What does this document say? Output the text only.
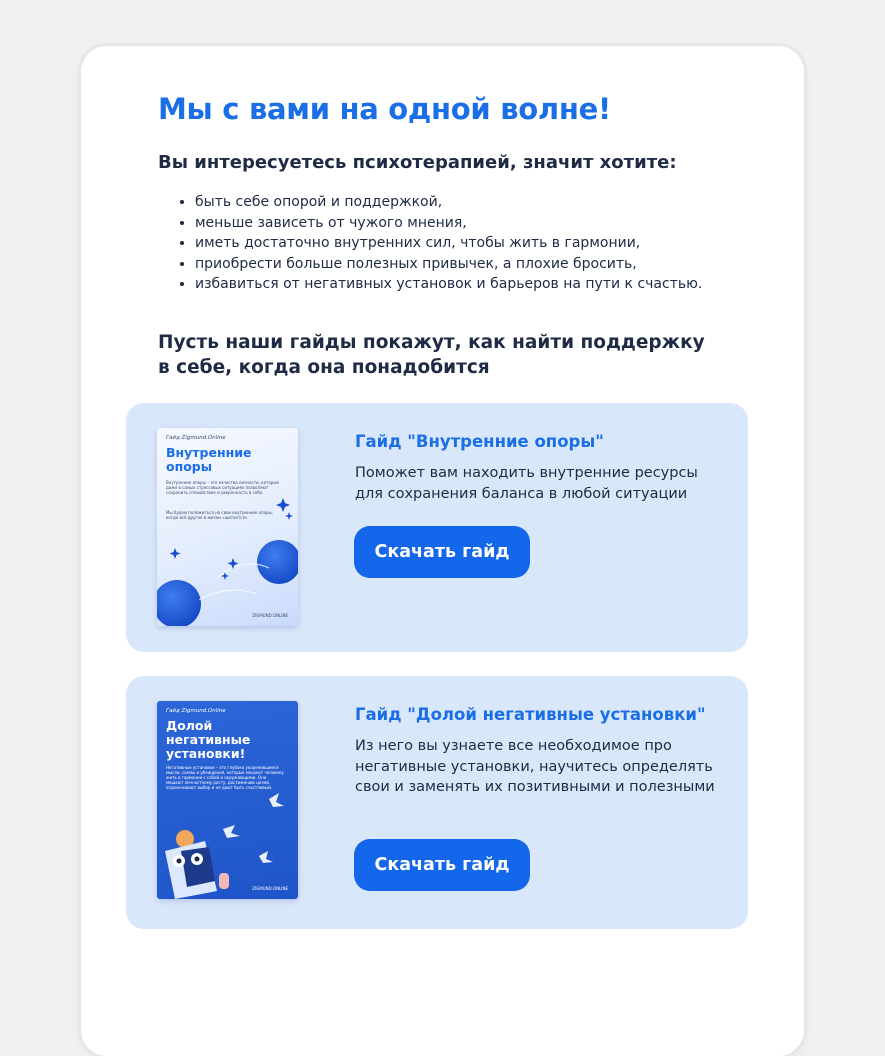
Мы с вами на одной волне!

Вы интересуетесь психотерапией, значит хотите:

• быть себе опорой и поддержкой,
• меньше зависеть от чужого мнения,
• иметь достаточно внутренних сил, чтобы жить в гармонии,
• приобрести больше полезных привычек, а плохие бросить,
• избавиться от негативных установок и барьеров на пути к счастью.

Пусть наши гайды покажут, как найти поддержку в себе, когда она понадобится

Гайд Zigmund.Online
Внутренние опоры
Внутренние опоры – это качества личности, которые даже в самых стрессовых ситуациях позволяют сохранить спокойствие и уверенность в себе.
Мы будем положиться на свои внутренние опоры, когда всё другое в жизни «шатается».
ZIGMUND.ONLINE
Гайд "Внутренние опоры"
Поможет вам находить внутренние ресурсы для сохранения баланса в любой ситуации
Скачать гайд
Гайд Zigmund.Online
Долой негативные установки!
Негативные установки – это глубоко укоренившиеся мысли, схемы и убеждения, которые мешают человеку жить в гармонии с собой и окружающими. Они мешают личностному росту, достижению целей, ограничивают выбор и не дают быть счастливым.
ZIGMUND.ONLINE
Гайд "Долой негативные установки"
Из него вы узнаете все необходимое про негативные установки, научитесь определять свои и заменять их позитивными и полезными
Скачать гайд
